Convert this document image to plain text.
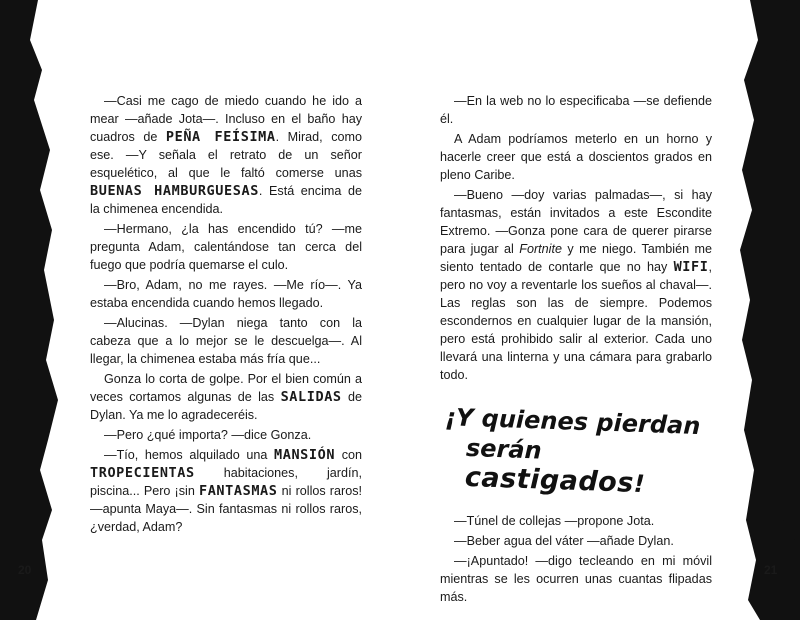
—Casi me cago de miedo cuando he ido a mear —añade Jota—. Incluso en el baño hay cuadros de PEÑA FEÍSIMA. Mirad, como ese. —Y señala el retrato de un señor esquelético, al que le faltó comerse unas BUENAS HAMBURGUESAS. Está encima de la chimenea encendida.

—Hermano, ¿la has encendido tú? —me pregunta Adam, calentándose tan cerca del fuego que podría quemarse el culo.

—Bro, Adam, no me rayes. —Me río—. Ya estaba encendida cuando hemos llegado.

—Alucinas. —Dylan niega tanto con la cabeza que a lo mejor se le descuelga—. Al llegar, la chimenea estaba más fría que...

Gonza lo corta de golpe. Por el bien común a veces cortamos algunas de las SALIDAS de Dylan. Ya me lo agradeceréis.

—Pero ¿qué importa? —dice Gonza.

—Tío, hemos alquilado una MANSIÓN con TROPECIENTAS habitaciones, jardín, piscina... Pero ¡sin FANTASMAS ni rollos raros! —apunta Maya—. Sin fantasmas ni rollos raros, ¿verdad, Adam?

—En la web no lo especificaba —se defiende él.

A Adam podríamos meterlo en un horno y hacerle creer que está a doscientos grados en pleno Caribe.

—Bueno —doy varias palmadas—, si hay fantasmas, están invitados a este Escondite Extremo. —Gonza pone cara de querer pirarse para jugar al Fortnite y me niego. También me siento tentado de contarle que no hay WIFI, pero no voy a reventarle los sueños al chaval—. Las reglas son las de siempre. Podemos escondernos en cualquier lugar de la mansión, pero está prohibido salir al exterior. Cada uno llevará una linterna y una cámara para grabarlo todo.

¡Y quienes pierdan
serán castigados!

—Túnel de collejas —propone Jota.

—Beber agua del váter —añade Dylan.

—¡Apuntado! —digo tecleando en mi móvil mientras se les ocurren unas cuantas flipadas más.

20	21
